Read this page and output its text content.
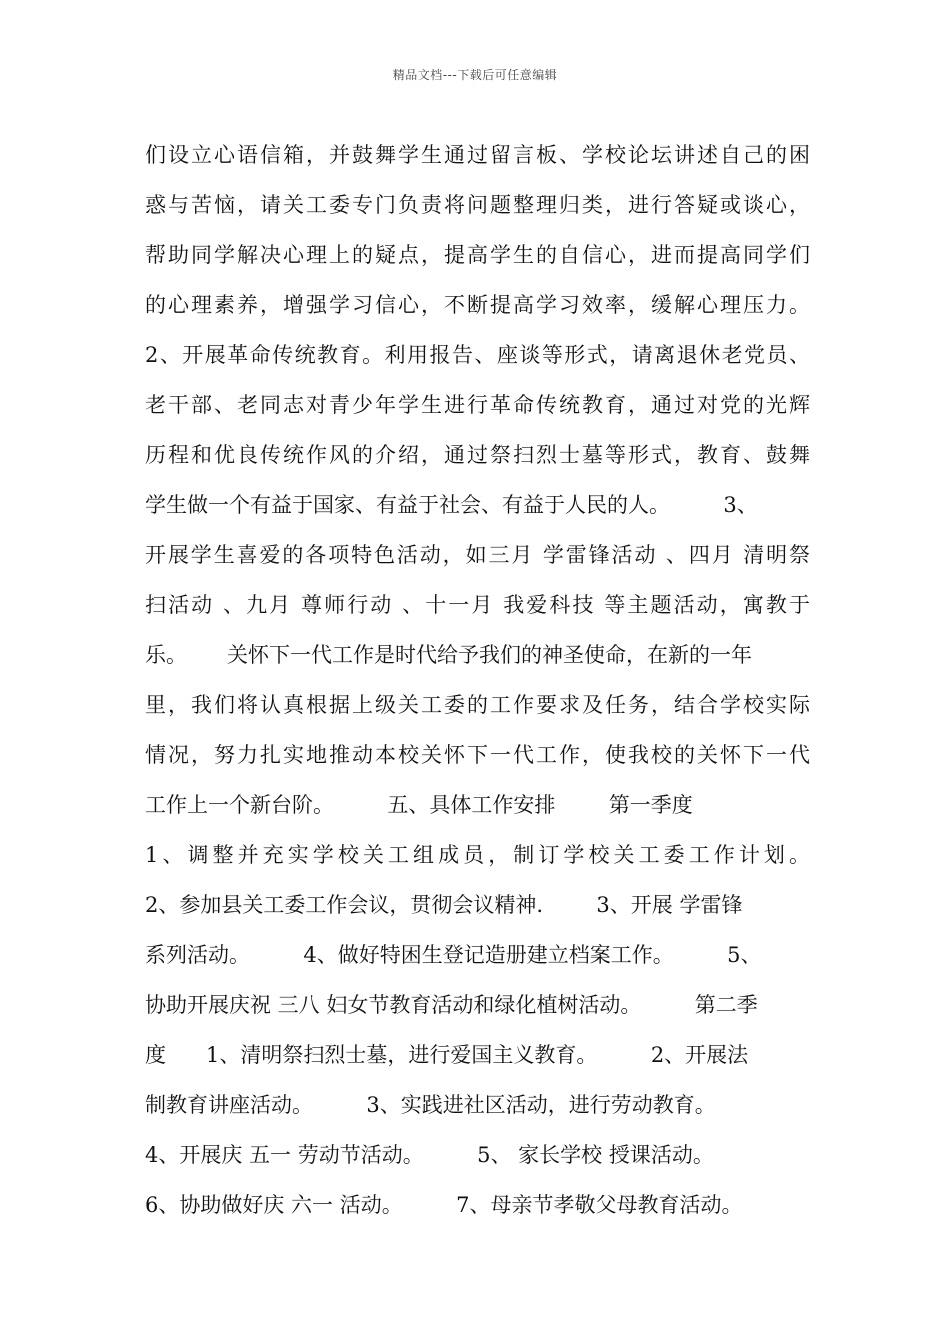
精品文档---下载后可任意编辑
们设立心语信箱，并鼓舞学生通过留言板、学校论坛讲述自己的困
惑与苦恼，请关工委专门负责将问题整理归类，进行答疑或谈心，
帮助同学解决心理上的疑点，提高学生的自信心，进而提高同学们
的心理素养，增强学习信心，不断提高学习效率，缓解心理压力。
2、开展革命传统教育。利用报告、座谈等形式，请离退休老党员、
老干部、老同志对青少年学生进行革命传统教育，通过对党的光辉
历程和优良传统作风的介绍，通过祭扫烈士墓等形式，教育、鼓舞
学生做一个有益于国家、有益于社会、有益于人民的人。        3、
开展学生喜爱的各项特色活动，如三月 学雷锋活动 、四月 清明祭
扫活动 、九月 尊师行动 、十一月 我爱科技 等主题活动，寓教于
乐。      关怀下一代工作是时代给予我们的神圣使命，在新的一年
里，我们将认真根据上级关工委的工作要求及任务，结合学校实际
情况，努力扎实地推动本校关怀下一代工作，使我校的关怀下一代
工作上一个新台阶。        五、具体工作安排        第一季度
1、调整并充实学校关工组成员，制订学校关工委工作计划。
2、参加县关工委工作会议，贯彻会议精神.        3、开展 学雷锋
系列活动。        4、做好特困生登记造册建立档案工作。        5、
协助开展庆祝 三八 妇女节教育活动和绿化植树活动。        第二季
度      1、清明祭扫烈士墓，进行爱国主义教育。        2、开展法
制教育讲座活动。        3、实践进社区活动，进行劳动教育。
4、开展庆 五一 劳动节活动。        5、 家长学校 授课活动。
6、协助做好庆 六一 活动。        7、母亲节孝敬父母教育活动。
